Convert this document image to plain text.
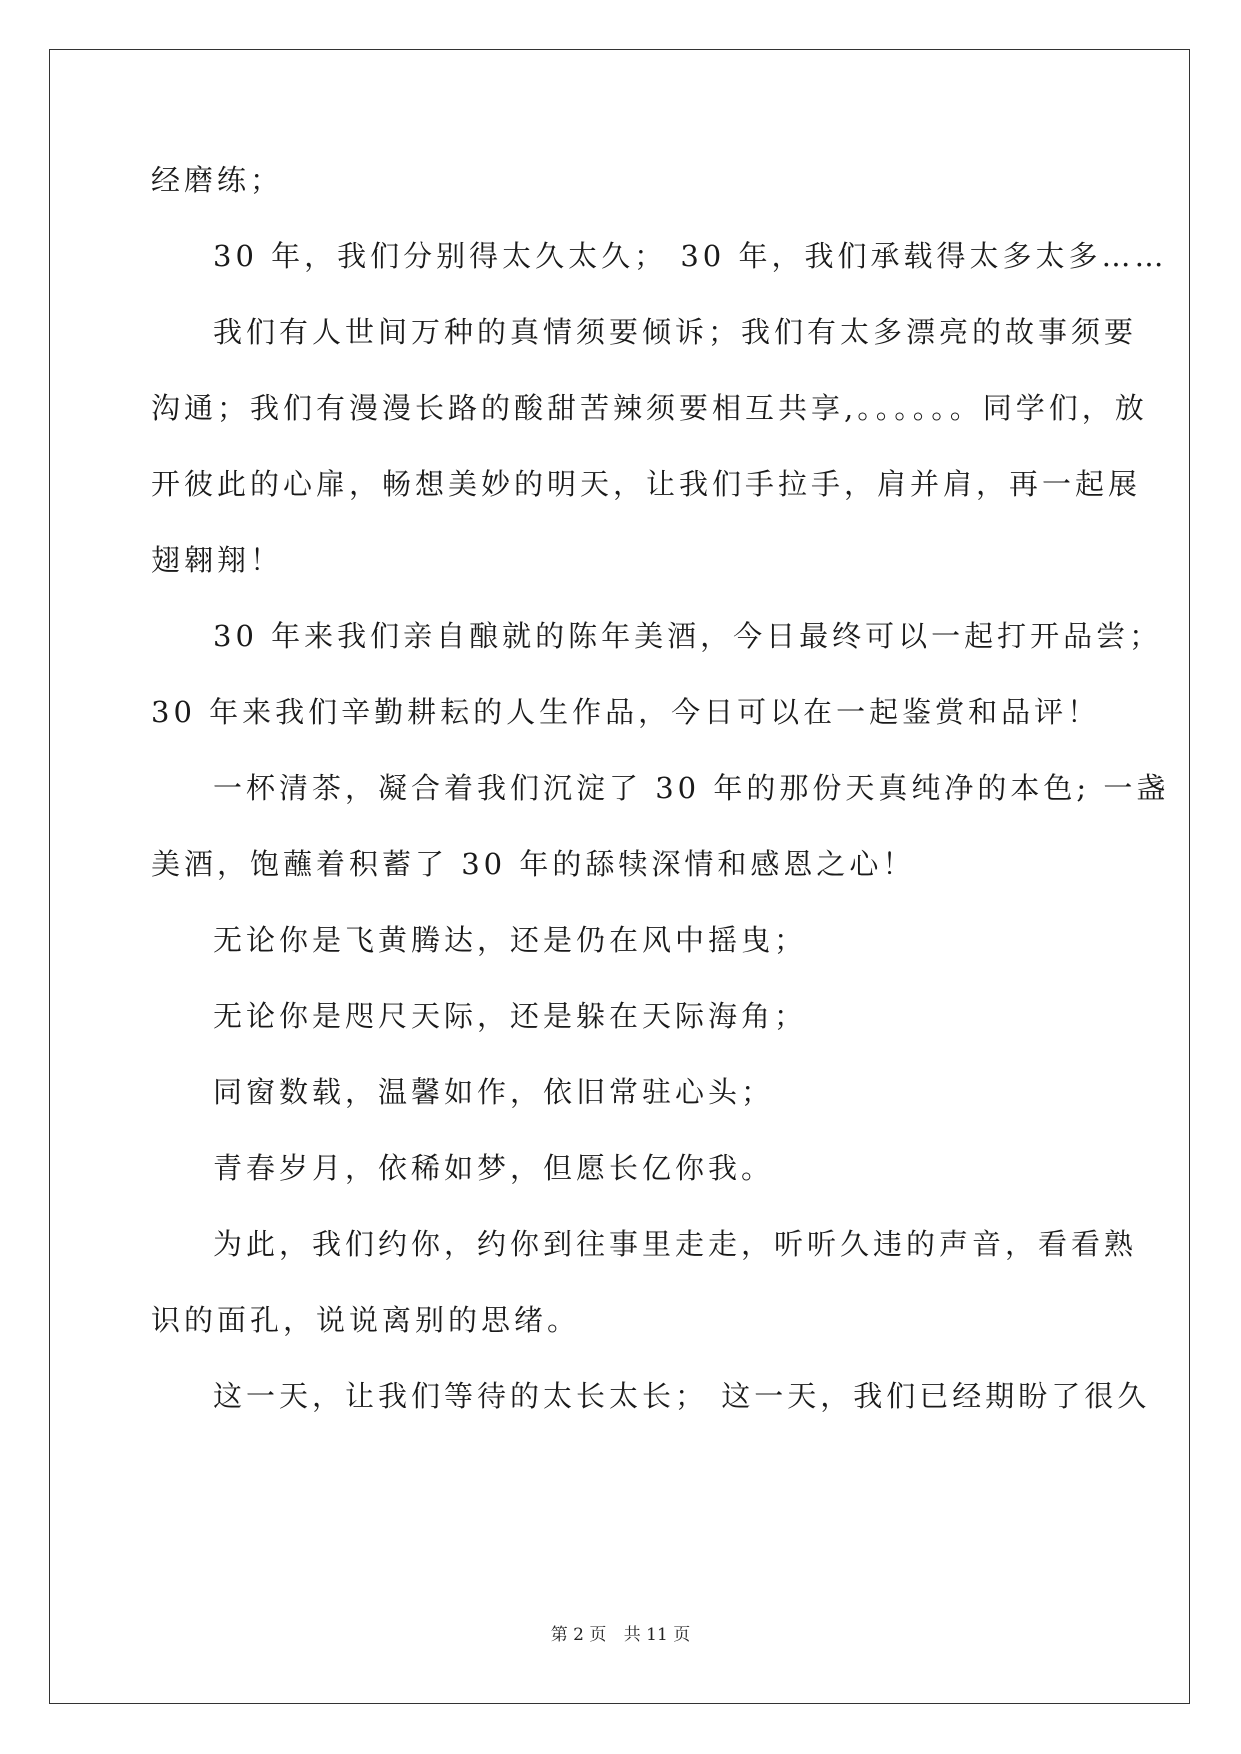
经磨练；
30 年，我们分别得太久太久； 30 年，我们承载得太多太多……
我们有人世间万种的真情须要倾诉；我们有太多漂亮的故事须要
沟通；我们有漫漫长路的酸甜苦辣须要相互共享,。。。。。。同学们，放
开彼此的心扉，畅想美妙的明天，让我们手拉手，肩并肩，再一起展
翅翱翔！
30 年来我们亲自酿就的陈年美酒，今日最终可以一起打开品尝；
30 年来我们辛勤耕耘的人生作品，今日可以在一起鉴赏和品评！
一杯清茶，凝合着我们沉淀了 30 年的那份天真纯净的本色; 一盏
美酒，饱蘸着积蓄了 30 年的舔犊深情和感恩之心！
无论你是飞黄腾达，还是仍在风中摇曳；
无论你是咫尺天际，还是躲在天际海角；
同窗数载，温馨如作，依旧常驻心头；
青春岁月，依稀如梦，但愿长亿你我。
为此，我们约你，约你到往事里走走，听听久违的声音，看看熟
识的面孔，说说离别的思绪。
这一天，让我们等待的太长太长； 这一天，我们已经期盼了很久
第 2 页 共 11 页
